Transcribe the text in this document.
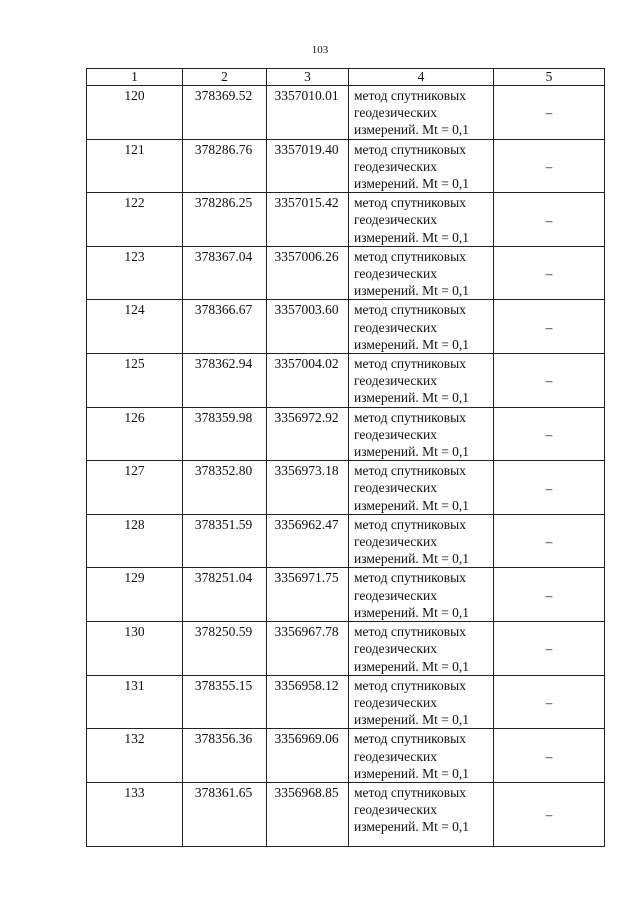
103
1	2	3	4	5
120	378369.52	3357010.01	метод спутниковых
геодезических
измерений. Mt = 0,1	–
121	378286.76	3357019.40	метод спутниковых
геодезических
измерений. Mt = 0,1	–
122	378286.25	3357015.42	метод спутниковых
геодезических
измерений. Mt = 0,1	–
123	378367.04	3357006.26	метод спутниковых
геодезических
измерений. Mt = 0,1	–
124	378366.67	3357003.60	метод спутниковых
геодезических
измерений. Mt = 0,1	–
125	378362.94	3357004.02	метод спутниковых
геодезических
измерений. Mt = 0,1	–
126	378359.98	3356972.92	метод спутниковых
геодезических
измерений. Mt = 0,1	–
127	378352.80	3356973.18	метод спутниковых
геодезических
измерений. Mt = 0,1	–
128	378351.59	3356962.47	метод спутниковых
геодезических
измерений. Mt = 0,1	–
129	378251.04	3356971.75	метод спутниковых
геодезических
измерений. Mt = 0,1	–
130	378250.59	3356967.78	метод спутниковых
геодезических
измерений. Mt = 0,1	–
131	378355.15	3356958.12	метод спутниковых
геодезических
измерений. Mt = 0,1	–
132	378356.36	3356969.06	метод спутниковых
геодезических
измерений. Mt = 0,1	–
133	378361.65	3356968.85	метод спутниковых
геодезических
измерений. Mt = 0,1	–
